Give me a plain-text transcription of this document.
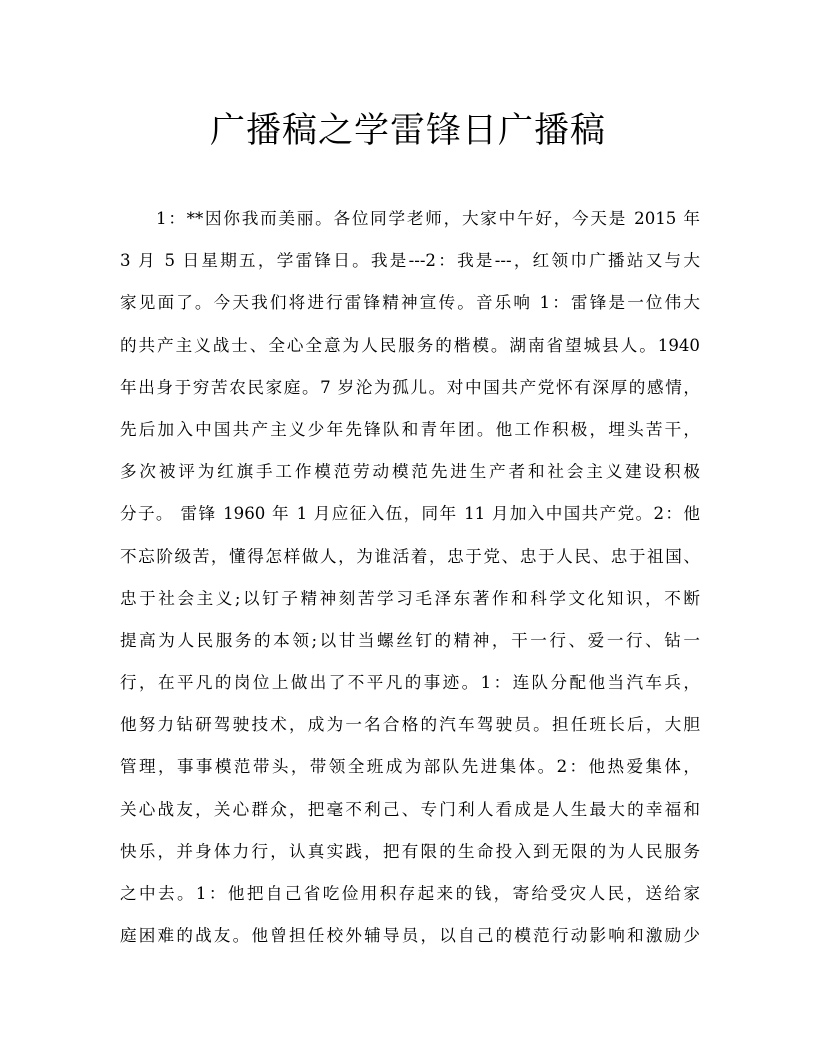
广播稿之学雷锋日广播稿
1：**因你我而美丽。各位同学老师，大家中午好，今天是 2015 年
3 月 5 日星期五，学雷锋日。我是---2：我是---，红领巾广播站又与大
家见面了。今天我们将进行雷锋精神宣传。音乐响 1：雷锋是一位伟大
的共产主义战士、全心全意为人民服务的楷模。湖南省望城县人。1940
年出身于穷苦农民家庭。7 岁沦为孤儿。对中国共产党怀有深厚的感情，
先后加入中国共产主义少年先锋队和青年团。他工作积极，埋头苦干，
多次被评为红旗手工作模范劳动模范先进生产者和社会主义建设积极
分子。 雷锋 1960 年 1 月应征入伍，同年 11 月加入中国共产党。2：他
不忘阶级苦，懂得怎样做人，为谁活着，忠于党、忠于人民、忠于祖国、
忠于社会主义;以钉子精神刻苦学习毛泽东著作和科学文化知识，不断
提高为人民服务的本领;以甘当螺丝钉的精神，干一行、爱一行、钻一
行，在平凡的岗位上做出了不平凡的事迹。1：连队分配他当汽车兵，
他努力钻研驾驶技术，成为一名合格的汽车驾驶员。担任班长后，大胆
管理，事事模范带头，带领全班成为部队先进集体。2：他热爱集体，
关心战友，关心群众，把毫不利己、专门利人看成是人生最大的幸福和
快乐，并身体力行，认真实践，把有限的生命投入到无限的为人民服务
之中去。1：他把自己省吃俭用积存起来的钱，寄给受灾人民，送给家
庭困难的战友。他曾担任校外辅导员，以自己的模范行动影响和激励少
